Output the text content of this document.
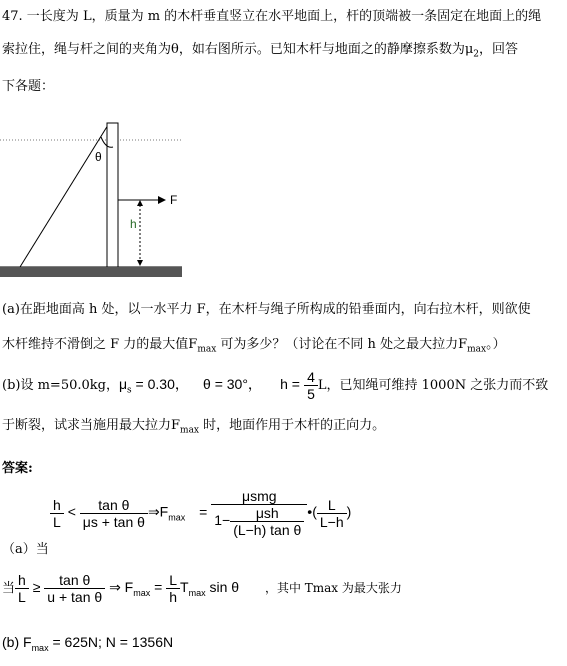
47. 一长度为 L，质量为 m 的木杆垂直竖立在水平地面上，杆的顶端被一条固定在地面上的绳
索拉住，绳与杆之间的夹角为θ，如右图所示。已知木杆与地面之的静摩擦系数为$\mu_2$，回答
下各题：
θ
F
h
(a)在距地面高 h 处，以一水平力 F，在木杆与绳子所构成的铅垂面内，向右拉木杆，则欲使
木杆维持不滑倒之 F 力的最大值$F_{max}$ 可为多少？（讨论在不同 h 处之最大拉力$F_{max}$。）
(b)设 m=50.0kg，$\mu_s = 0.30$， θ = 30°， $h = \frac{4}{5}$ L，已知绳可维持 1000N 之张力而不致
于断裂，试求当施用最大拉力$F_{max}$ 时，地面作用于木杆的正向力。
答案:
$\frac{h}{L} < \frac{\text{tan θ}}{\text{μs + tan θ}}$ $\Rightarrow F_{max} = \frac{\text{μsmg}}{1- \frac{\text{μsh}}{\text{(L−h) tan θ}}}$ •( $\frac{L}{L-h}$ )
（a）当
当 $\frac{h}{L} \ge \frac{\text{tan θ}}{\text{u + tan θ}}$ ⇒ $F_{max} = \frac{L}{h} T_{max}$ sin θ ，其中 Tmax 为最大张力
(b) $F_{max} = 625N$; N = 1356N
